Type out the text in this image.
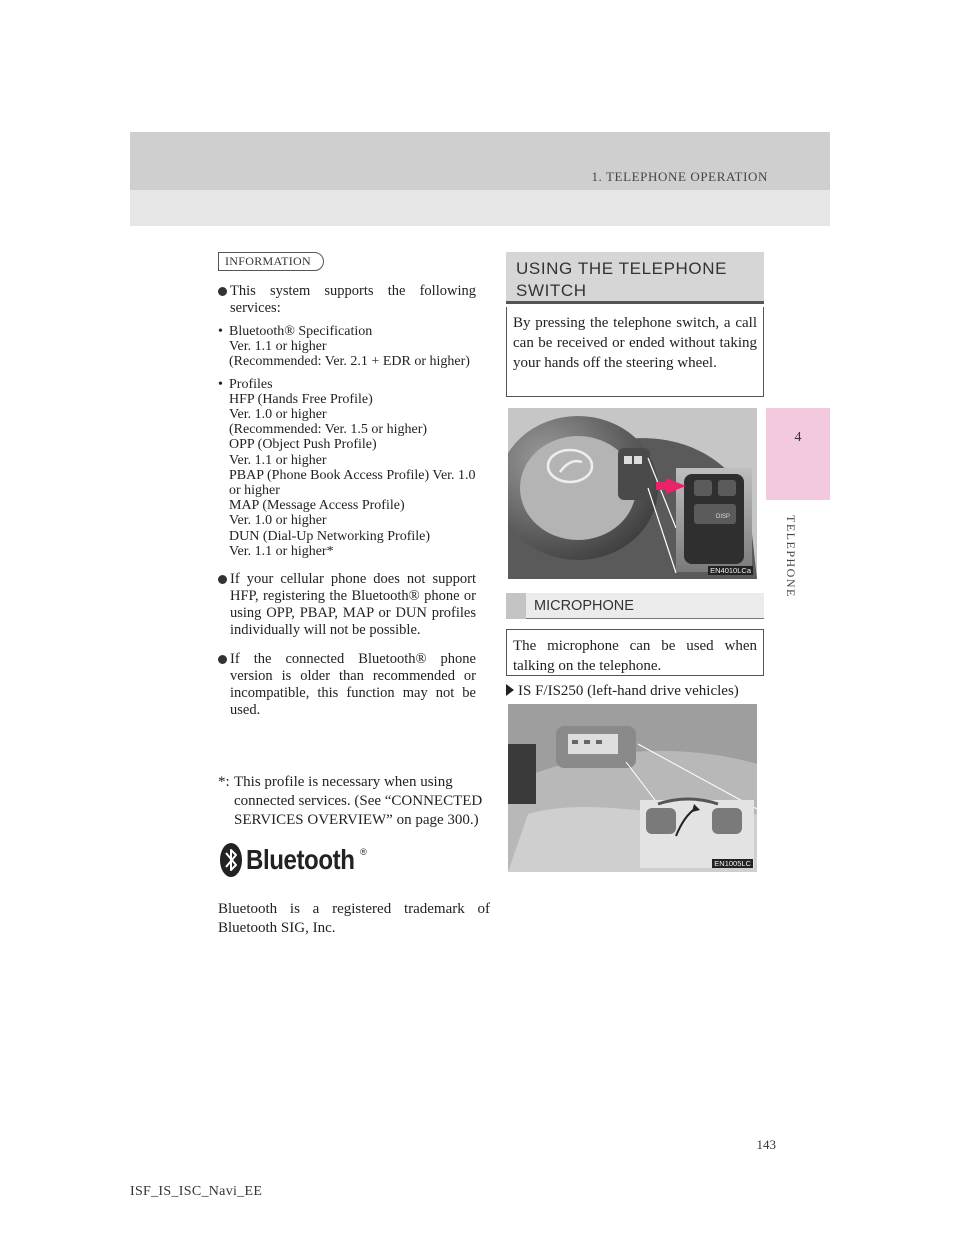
1. TELEPHONE OPERATION
4
TELEPHONE
INFORMATION
This system supports the following services:
• Bluetooth® Specification
Ver. 1.1 or higher
(Recommended: Ver. 2.1 + EDR or higher)
• Profiles
HFP (Hands Free Profile)
Ver. 1.0 or higher
(Recommended: Ver. 1.5 or higher)
OPP (Object Push Profile)
Ver. 1.1 or higher
PBAP (Phone Book Access Profile) Ver. 1.0 or higher
MAP (Message Access Profile)
Ver. 1.0 or higher
DUN (Dial-Up Networking Profile)
Ver. 1.1 or higher*
If your cellular phone does not support HFP, registering the Bluetooth® phone or using OPP, PBAP, MAP or DUN profiles individually will not be possible.
If the connected Bluetooth® phone version is older than recommended or incompatible, this function may not be used.
*: This profile is necessary when using connected services. (See “CONNECTED SERVICES OVERVIEW” on page 300.)
Bluetooth ®
Bluetooth is a registered trademark of Bluetooth SIG, Inc.
USING THE TELEPHONE
SWITCH
By pressing the telephone switch, a call can be received or ended without taking your hands off the steering wheel.
DISP
EN4010LCa
MICROPHONE
The microphone can be used when talking on the telephone.
IS F/IS250 (left-hand drive vehicles)
EN1005LC
143
ISF_IS_ISC_Navi_EE
